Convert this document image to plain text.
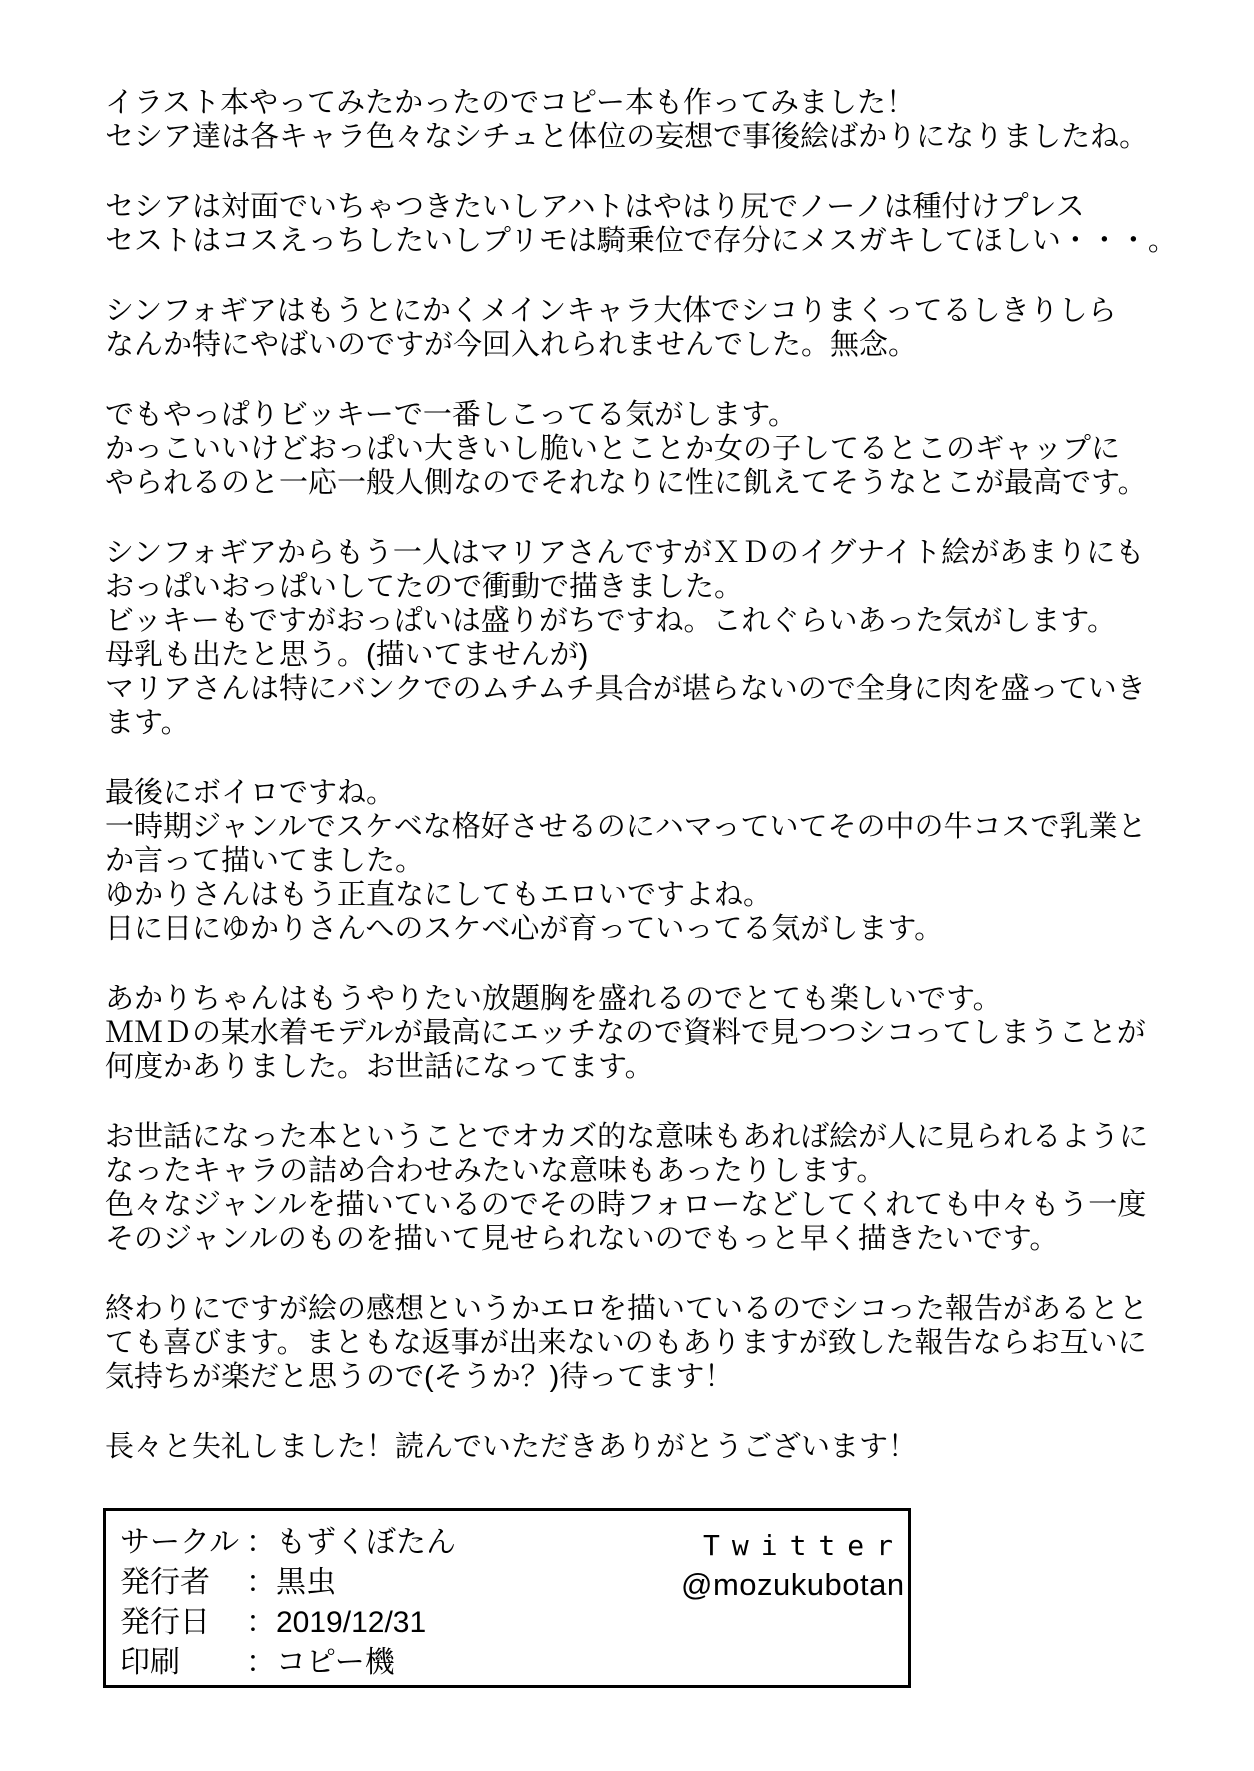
イラスト本やってみたかったのでコピー本も作ってみました！
セシア達は各キャラ色々なシチュと体位の妄想で事後絵ばかりになりましたね。
セシアは対面でいちゃつきたいしアハトはやはり尻でノーノは種付けプレス
セストはコスえっちしたいしプリモは騎乗位で存分にメスガキしてほしい・・・。
シンフォギアはもうとにかくメインキャラ大体でシコりまくってるしきりしら
なんか特にやばいのですが今回入れられませんでした。無念。
でもやっぱりビッキーで一番しこってる気がします。
かっこいいけどおっぱい大きいし脆いとことか女の子してるとこのギャップに
やられるのと一応一般人側なのでそれなりに性に飢えてそうなとこが最高です。
シンフォギアからもう一人はマリアさんですがＸＤのイグナイト絵があまりにも
おっぱいおっぱいしてたので衝動で描きました。
ビッキーもですがおっぱいは盛りがちですね。これぐらいあった気がします。
母乳も出たと思う。(描いてませんが)
マリアさんは特にバンクでのムチムチ具合が堪らないので全身に肉を盛っていき
ます。
最後にボイロですね。
一時期ジャンルでスケベな格好させるのにハマっていてその中の牛コスで乳業と
か言って描いてました。
ゆかりさんはもう正直なにしてもエロいですよね。
日に日にゆかりさんへのスケベ心が育っていってる気がします。
あかりちゃんはもうやりたい放題胸を盛れるのでとても楽しいです。
ＭＭＤの某水着モデルが最高にエッチなので資料で見つつシコってしまうことが
何度かありました。お世話になってます。
お世話になった本ということでオカズ的な意味もあれば絵が人に見られるように
なったキャラの詰め合わせみたいな意味もあったりします。
色々なジャンルを描いているのでその時フォローなどしてくれても中々もう一度
そのジャンルのものを描いて見せられないのでもっと早く描きたいです。
終わりにですが絵の感想というかエロを描いているのでシコった報告があるとと
ても喜びます。まともな返事が出来ないのもありますが致した報告ならお互いに
気持ちが楽だと思うので(そうか？)待ってます！
長々と失礼しました！読んでいただきありがとうございます！
サークル ： もずくぼたん
発行者	： 黒虫
発行日	： 2019/12/31
印刷	： コピー機
Twitter
@mozukubotan
